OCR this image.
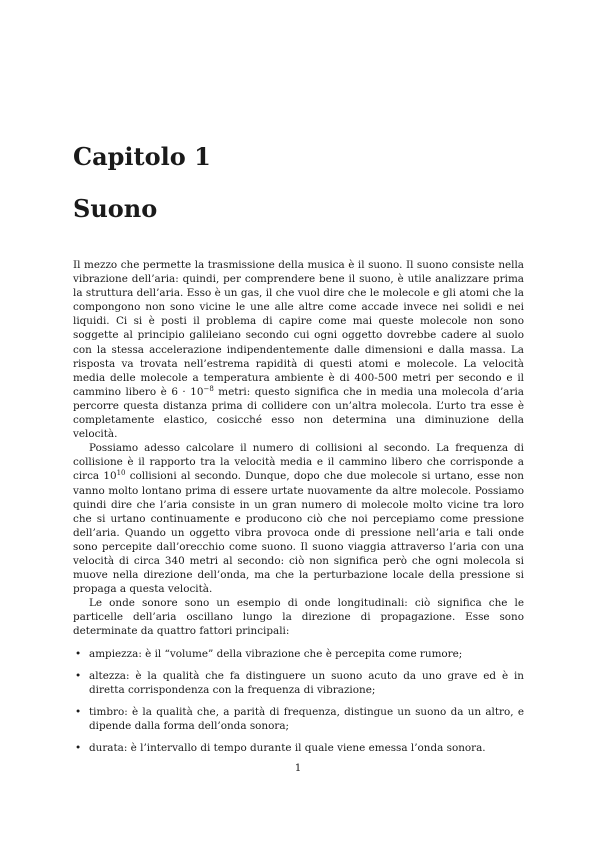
Capitolo 1
Suono

Il mezzo che permette la trasmissione della musica è il suono. Il suono consiste nella vibrazione dell’aria: quindi, per comprendere bene il suono, è utile analizzare prima la struttura dell’aria. Esso è un gas, il che vuol dire che le molecole e gli atomi che la compongono non sono vicine le une alle altre come accade invece nei solidi e nei liquidi. Ci si è posti il problema di capire come mai queste molecole non sono soggette al principio galileiano secondo cui ogni oggetto dovrebbe cadere al suolo con la stessa accelerazione indipendentemente dalle dimensioni e dalla massa. La risposta va trovata nell’estrema rapidità di questi atomi e molecole. La velocità media delle molecole a temperatura ambiente è di 400-500 metri per secondo e il cammino libero è $6 \cdot 10^{-8}$ metri: questo significa che in media una molecola d’aria percorre questa distanza prima di collidere con un’altra molecola. L’urto tra esse è completamente elastico, cosicché esso non determina una diminuzione della velocità.

Possiamo adesso calcolare il numero di collisioni al secondo. La frequenza di collisione è il rapporto tra la velocità media e il cammino libero che corrisponde a circa $10^{10}$ collisioni al secondo. Dunque, dopo che due molecole si urtano, esse non vanno molto lontano prima di essere urtate nuovamente da altre molecole. Possiamo quindi dire che l’aria consiste in un gran numero di molecole molto vicine tra loro che si urtano continuamente e producono ciò che noi percepiamo come pressione dell’aria. Quando un oggetto vibra provoca onde di pressione nell’aria e tali onde sono percepite dall’orecchio come suono. Il suono viaggia attraverso l’aria con una velocità di circa 340 metri al secondo: ciò non significa però che ogni molecola si muove nella direzione dell’onda, ma che la perturbazione locale della pressione si propaga a questa velocità.

Le onde sonore sono un esempio di onde longitudinali: ciò significa che le particelle dell’aria oscillano lungo la direzione di propagazione. Esse sono determinate da quattro fattori principali:

• ampiezza: è il “volume” della vibrazione che è percepita come rumore;
• altezza: è la qualità che fa distinguere un suono acuto da uno grave ed è in diretta corrispondenza con la frequenza di vibrazione;
• timbro: è la qualità che, a parità di frequenza, distingue un suono da un altro, e dipende dalla forma dell’onda sonora;
• durata: è l’intervallo di tempo durante il quale viene emessa l’onda sonora.
1
